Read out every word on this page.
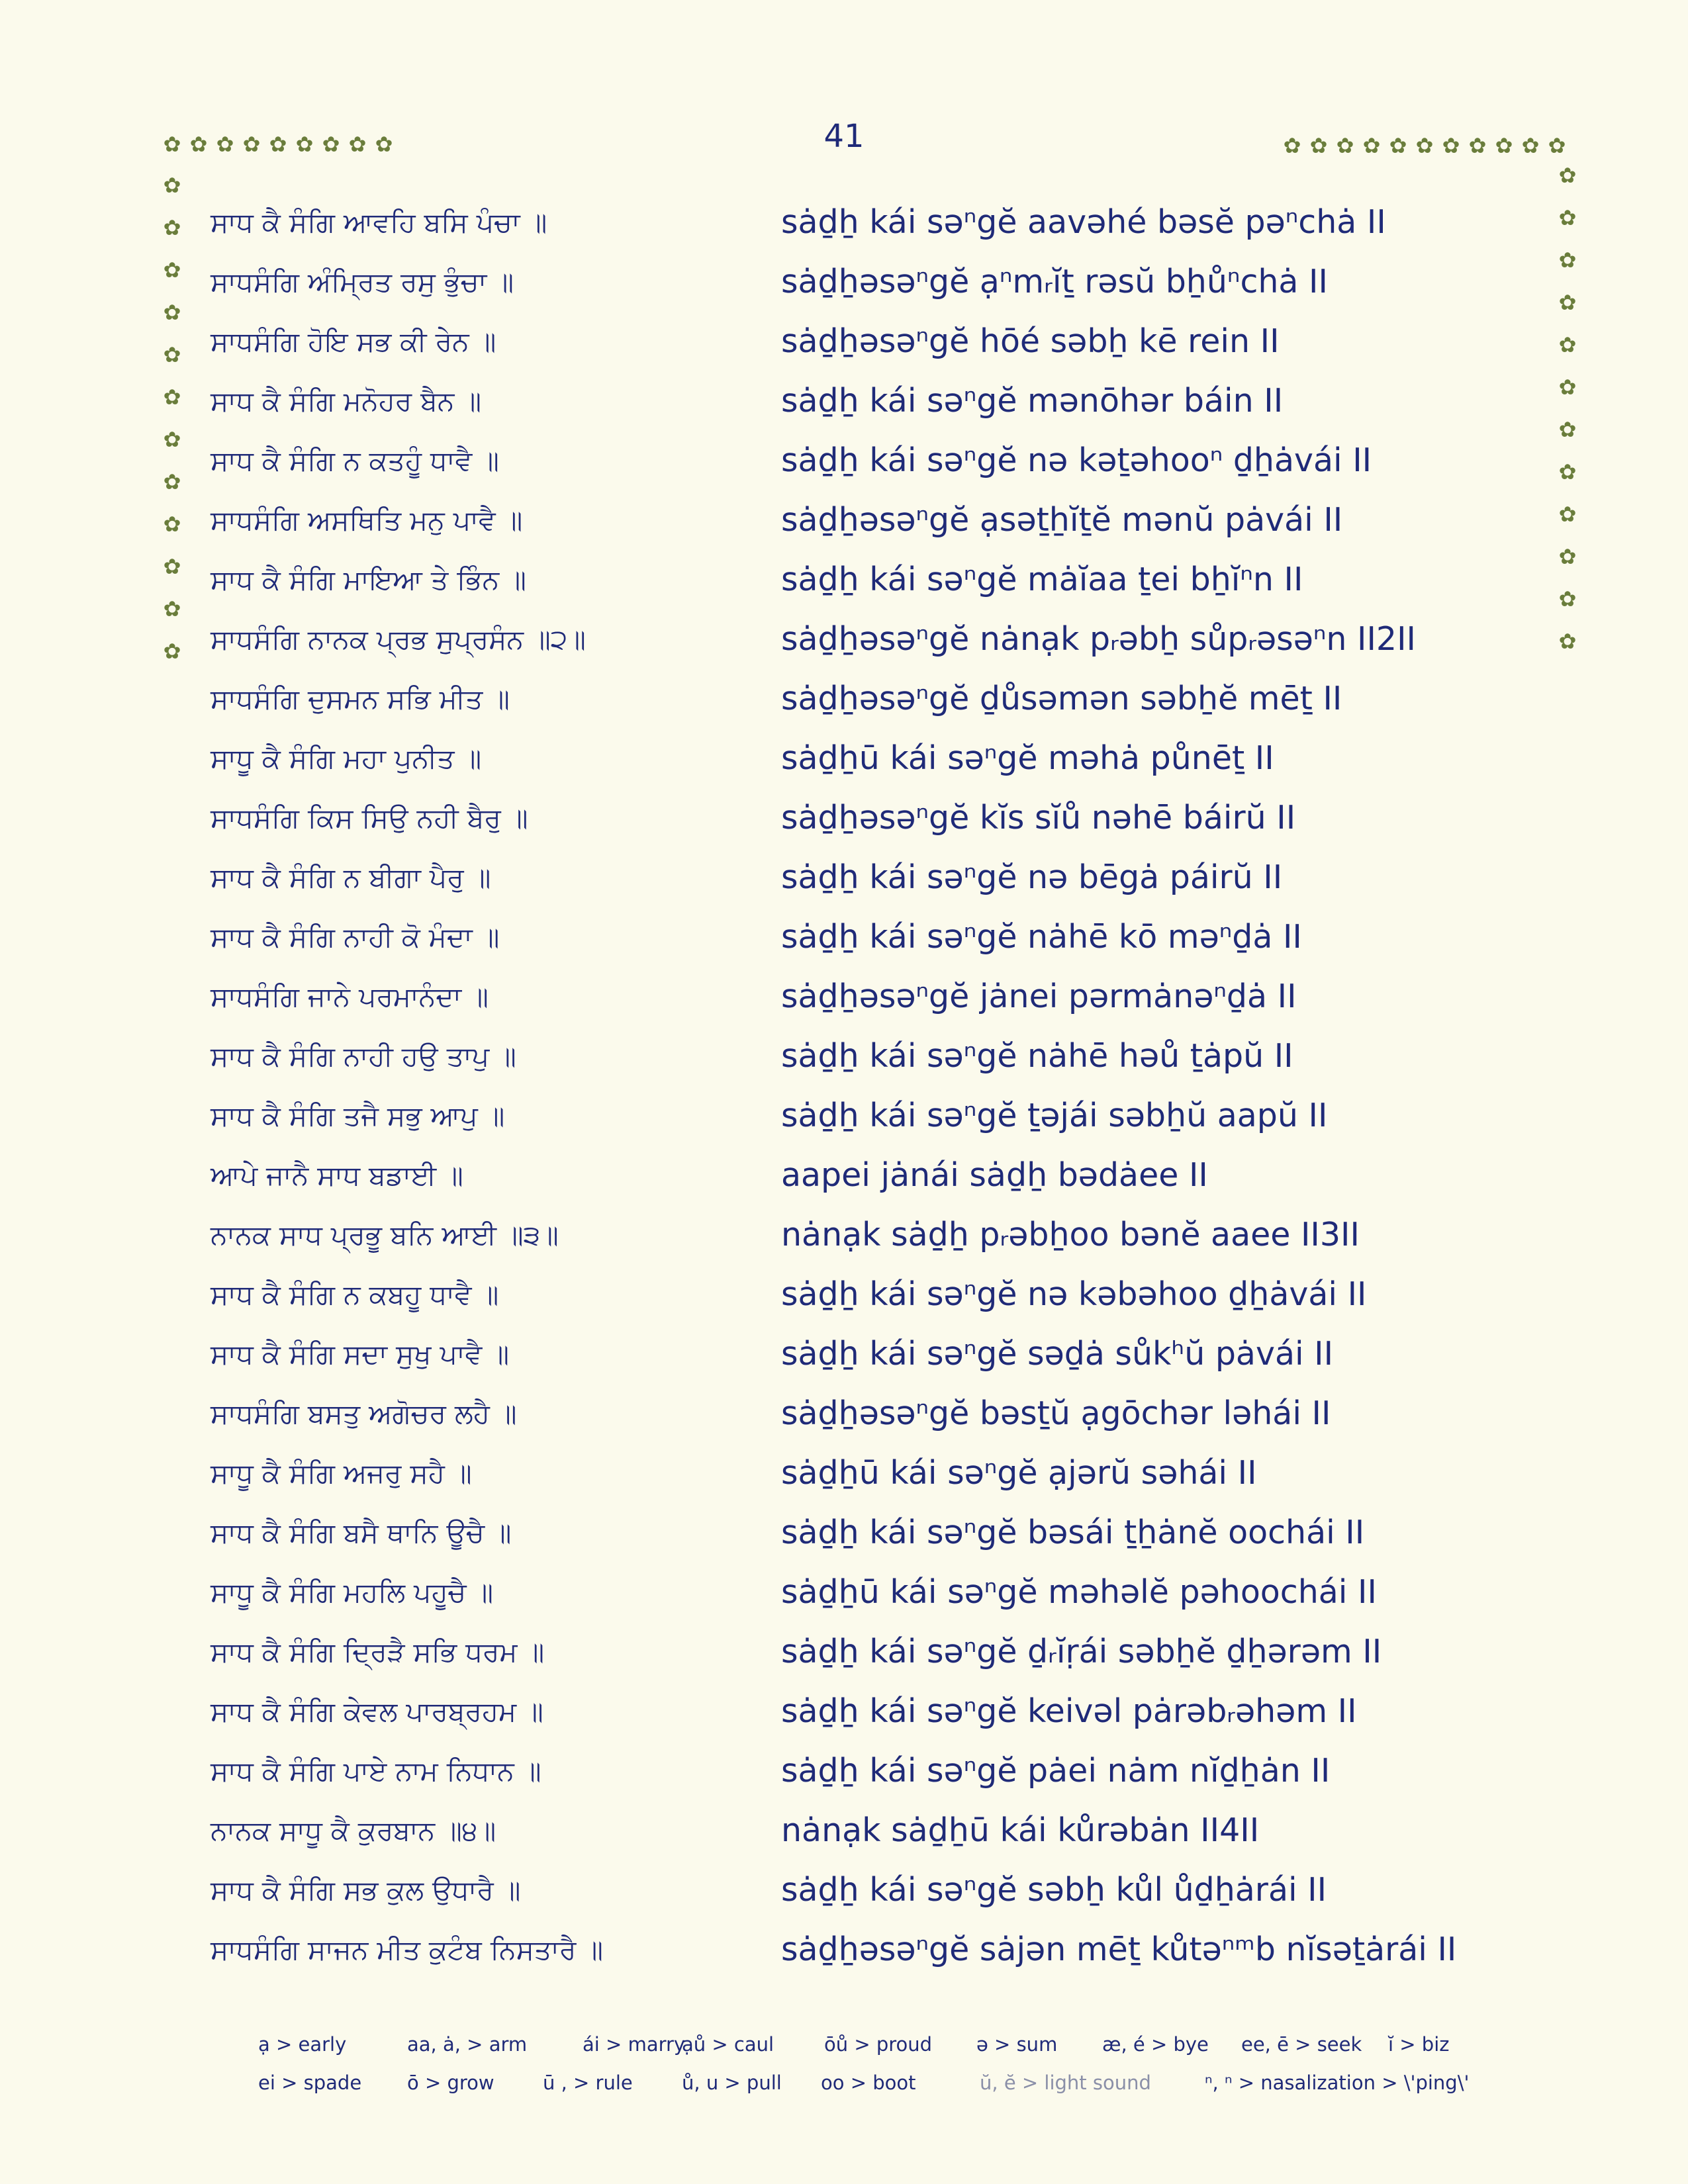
41
✿ ✿ ✿ ✿ ✿ ✿ ✿ ✿ ✿	✿ ✿ ✿ ✿ ✿ ✿ ✿ ✿ ✿ ✿ ✿
✿
✿
✿
✿
✿
✿
✿
✿
✿
✿
✿
✿
✿
✿
✿
✿
✿
✿
✿
✿
✿
✿
✿
✿
ਸਾਧ ਕੈ ਸੰਗਿ ਆਵਹਿ ਬਸਿ ਪੰਚਾ ॥	sȧḏẖ kái səⁿgĕ aavəhé bəsĕ pəⁿchȧ II
ਸਾਧਸੰਗਿ ਅੰਮ੍ਰਿਤ ਰਸੁ ਭੁੰਚਾ ॥	sȧḏẖəsəⁿgĕ ạⁿmᵣĭṯ rəsŭ bẖůⁿchȧ II
ਸਾਧਸੰਗਿ ਹੋਇ ਸਭ ਕੀ ਰੇਨ ॥	sȧḏẖəsəⁿgĕ hōé səbẖ kē rein II
ਸਾਧ ਕੈ ਸੰਗਿ ਮਨੋਹਰ ਬੈਨ ॥	sȧḏẖ kái səⁿgĕ mənōhər báin II
ਸਾਧ ਕੈ ਸੰਗਿ ਨ ਕਤਹੂੰ ਧਾਵੈ ॥	sȧḏẖ kái səⁿgĕ nə kəṯəhooⁿ ḏẖȧvái II
ਸਾਧਸੰਗਿ ਅਸਥਿਤਿ ਮਨੁ ਪਾਵੈ ॥	sȧḏẖəsəⁿgĕ ạsəṯẖĭṯĕ mənŭ pȧvái II
ਸਾਧ ਕੈ ਸੰਗਿ ਮਾਇਆ ਤੇ ਭਿੰਨ ॥	sȧḏẖ kái səⁿgĕ mȧĭaa ṯei bẖĭⁿn II
ਸਾਧਸੰਗਿ ਨਾਨਕ ਪ੍ਰਭ ਸੁਪ੍ਰਸੰਨ ॥੨॥	sȧḏẖəsəⁿgĕ nȧnạk pᵣəbẖ sůpᵣəsəⁿn II2II
ਸਾਧਸੰਗਿ ਦੁਸਮਨ ਸਭਿ ਮੀਤ ॥	sȧḏẖəsəⁿgĕ ḏůsəmən səbẖĕ mēṯ II
ਸਾਧੂ ਕੈ ਸੰਗਿ ਮਹਾ ਪੁਨੀਤ ॥	sȧḏẖū kái səⁿgĕ məhȧ půnēṯ II
ਸਾਧਸੰਗਿ ਕਿਸ ਸਿਉ ਨਹੀ ਬੈਰੁ ॥	sȧḏẖəsəⁿgĕ kĭs sĭů nəhē báirŭ II
ਸਾਧ ਕੈ ਸੰਗਿ ਨ ਬੀਗਾ ਪੈਰੁ ॥	sȧḏẖ kái səⁿgĕ nə bēgȧ páirŭ II
ਸਾਧ ਕੈ ਸੰਗਿ ਨਾਹੀ ਕੋ ਮੰਦਾ ॥	sȧḏẖ kái səⁿgĕ nȧhē kō məⁿḏȧ II
ਸਾਧਸੰਗਿ ਜਾਨੇ ਪਰਮਾਨੰਦਾ ॥	sȧḏẖəsəⁿgĕ jȧnei pərmȧnəⁿḏȧ II
ਸਾਧ ਕੈ ਸੰਗਿ ਨਾਹੀ ਹਉ ਤਾਪੁ ॥	sȧḏẖ kái səⁿgĕ nȧhē həů ṯȧpŭ II
ਸਾਧ ਕੈ ਸੰਗਿ ਤਜੈ ਸਭੁ ਆਪੁ ॥	sȧḏẖ kái səⁿgĕ ṯəjái səbẖŭ aapŭ II
ਆਪੇ ਜਾਨੈ ਸਾਧ ਬਡਾਈ ॥	aapei jȧnái sȧḏẖ bədȧee II
ਨਾਨਕ ਸਾਧ ਪ੍ਰਭੂ ਬਨਿ ਆਈ ॥੩॥	nȧnạk sȧḏẖ pᵣəbẖoo bənĕ aaee II3II
ਸਾਧ ਕੈ ਸੰਗਿ ਨ ਕਬਹੂ ਧਾਵੈ ॥	sȧḏẖ kái səⁿgĕ nə kəbəhoo ḏẖȧvái II
ਸਾਧ ਕੈ ਸੰਗਿ ਸਦਾ ਸੁਖੁ ਪਾਵੈ ॥	sȧḏẖ kái səⁿgĕ səḏȧ sůkʰŭ pȧvái II
ਸਾਧਸੰਗਿ ਬਸਤੁ ਅਗੋਚਰ ਲਹੈ ॥	sȧḏẖəsəⁿgĕ bəsṯŭ ạgōchər ləhái II
ਸਾਧੂ ਕੈ ਸੰਗਿ ਅਜਰੁ ਸਹੈ ॥	sȧḏẖū kái səⁿgĕ ạjərŭ səhái II
ਸਾਧ ਕੈ ਸੰਗਿ ਬਸੈ ਥਾਨਿ ਊਚੈ ॥	sȧḏẖ kái səⁿgĕ bəsái ṯẖȧnĕ oochái II
ਸਾਧੂ ਕੈ ਸੰਗਿ ਮਹਲਿ ਪਹੂਚੈ ॥	sȧḏẖū kái səⁿgĕ məhəlĕ pəhoochái II
ਸਾਧ ਕੈ ਸੰਗਿ ਦ੍ਰਿੜੈ ਸਭਿ ਧਰਮ ॥	sȧḏẖ kái səⁿgĕ ḏᵣĭṛái səbẖĕ ḏẖərəm II
ਸਾਧ ਕੈ ਸੰਗਿ ਕੇਵਲ ਪਾਰਬ੍ਰਹਮ ॥	sȧḏẖ kái səⁿgĕ keivəl pȧrəbᵣəhəm II
ਸਾਧ ਕੈ ਸੰਗਿ ਪਾਏ ਨਾਮ ਨਿਧਾਨ ॥	sȧḏẖ kái səⁿgĕ pȧei nȧm nĭḏẖȧn II
ਨਾਨਕ ਸਾਧੂ ਕੈ ਕੁਰਬਾਨ ॥੪॥	nȧnạk sȧḏẖū kái kůrəbȧn II4II
ਸਾਧ ਕੈ ਸੰਗਿ ਸਭ ਕੁਲ ਉਧਾਰੈ ॥	sȧḏẖ kái səⁿgĕ səbẖ kůl ůḏẖȧrái II
ਸਾਧਸੰਗਿ ਸਾਜਨ ਮੀਤ ਕੁਟੰਬ ਨਿਸਤਾਰੈ ॥	sȧḏẖəsəⁿgĕ sȧjən mēṯ kůtəⁿᵐb nĭsəṯȧrái II
ạ > early	aa, ȧ, > arm	ái > marry
ạů > caul	ōů > proud ə > sum æ, é > bye ee, ē > seek ĭ > biz
ei > spade ō > grow	ū , > rule	ů, u > pull oo > boot	ŭ, ĕ > light sound	ⁿ, ⁿ > nasalization > \'ping\'
